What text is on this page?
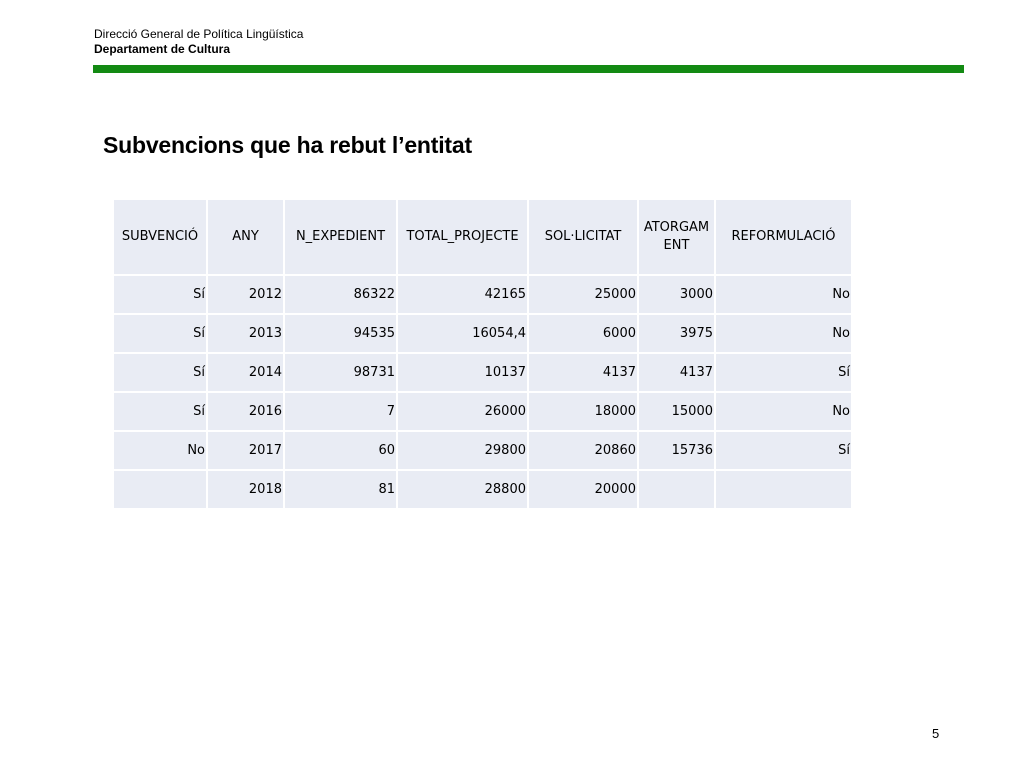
Direcció General de Política Lingüística
Departament de Cultura
Subvencions que ha rebut l’entitat
SUBVENCIÓ	ANY	N_EXPEDIENT	TOTAL_PROJECTE	SOL·LICITAT	ATORGAM ENT	REFORMULACIÓ
Sí	2012	86322	42165	25000	3000	No
Sí	2013	94535	16054,4	6000	3975	No
Sí	2014	98731	10137	4137	4137	Sí
Sí	2016	7	26000	18000	15000	No
No	2017	60	29800	20860	15736	Sí
	2018	81	28800	20000		
5
